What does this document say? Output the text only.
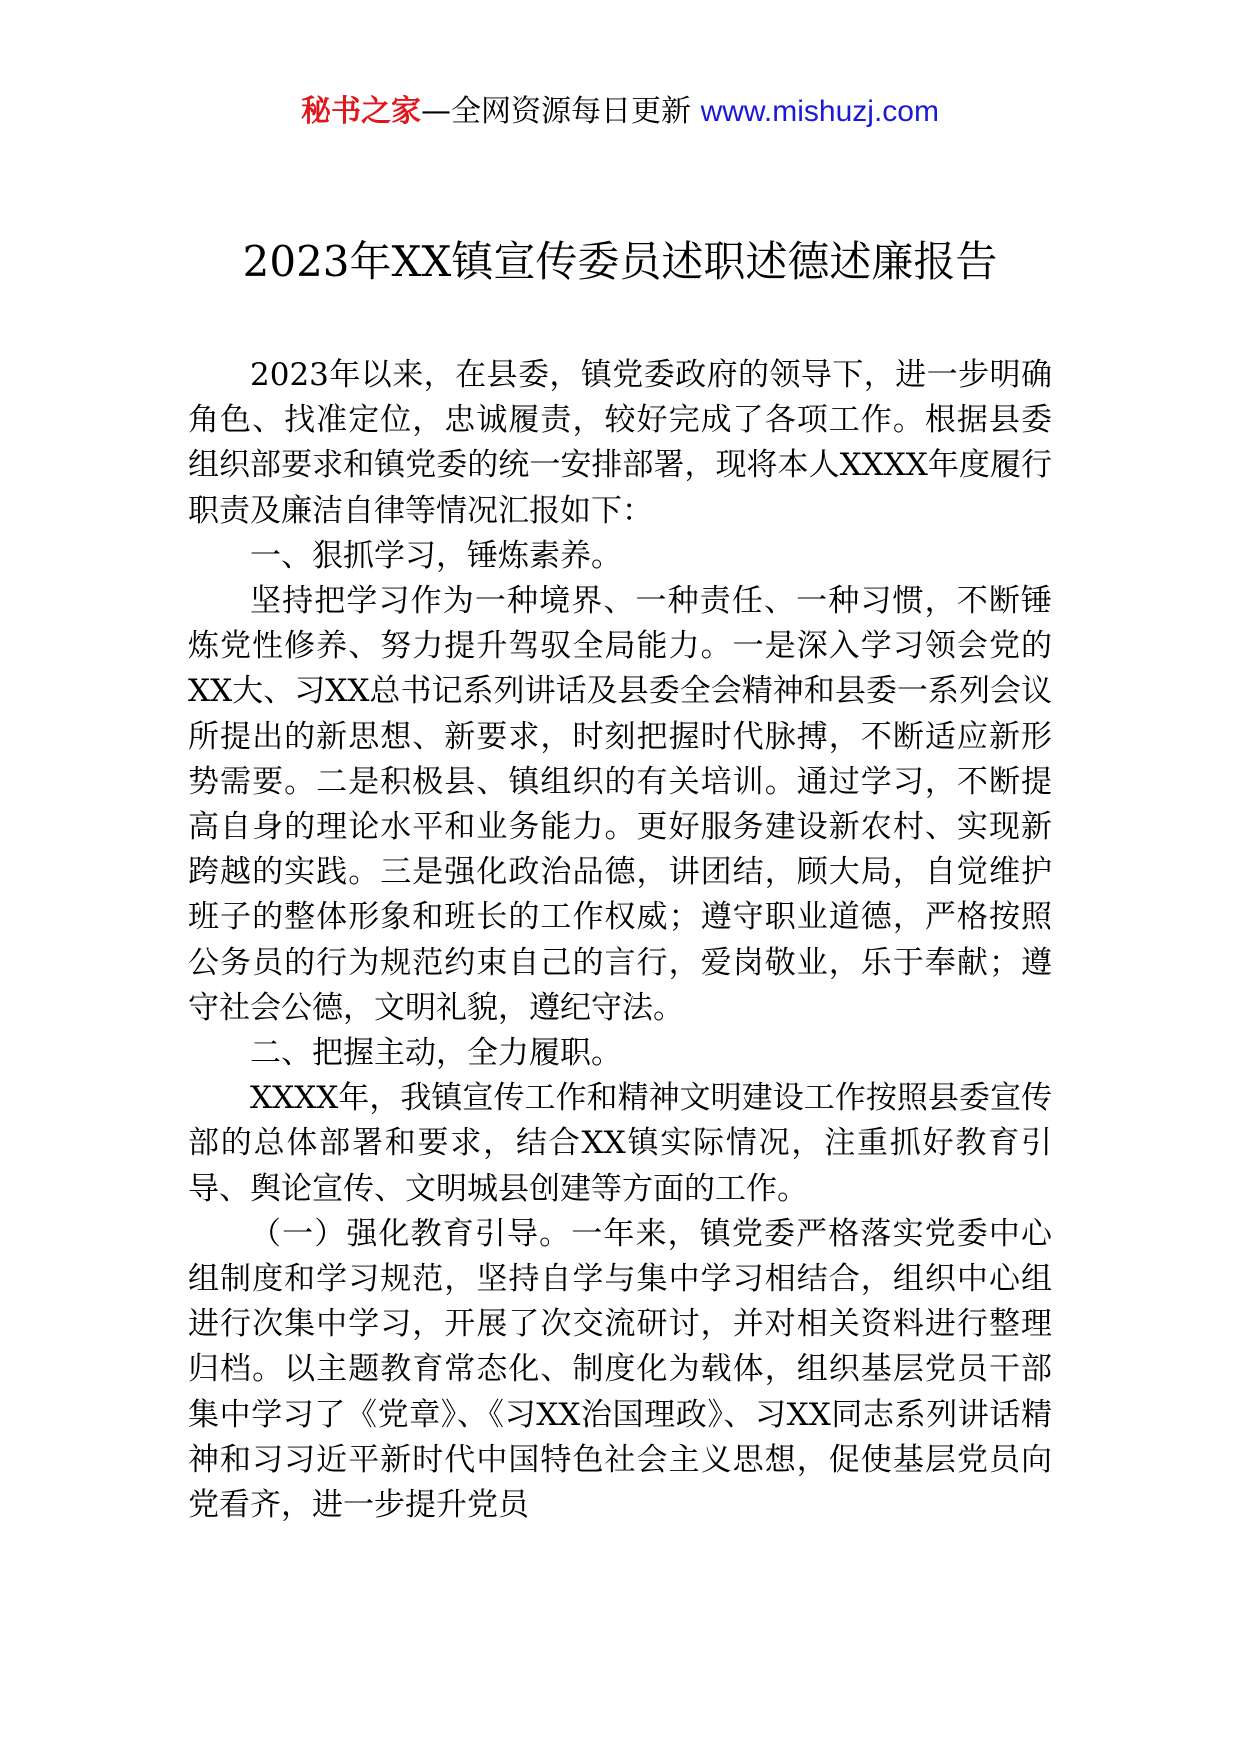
秘书之家—全网资源每日更新 www.mishuzj.com
2023年XX镇宣传委员述职述德述廉报告

2023年以来，在县委，镇党委政府的领导下，进一步明确角色、找准定位，忠诚履责，较好完成了各项工作。根据县委组织部要求和镇党委的统一安排部署，现将本人XXXX年度履行职责及廉洁自律等情况汇报如下：

一、狠抓学习，锤炼素养。

坚持把学习作为一种境界、一种责任、一种习惯，不断锤炼党性修养、努力提升驾驭全局能力。一是深入学习领会党的XX大、习XX总书记系列讲话及县委全会精神和县委一系列会议所提出的新思想、新要求，时刻把握时代脉搏，不断适应新形势需要。二是积极县、镇组织的有关培训。通过学习，不断提高自身的理论水平和业务能力。更好服务建设新农村、实现新跨越的实践。三是强化政治品德，讲团结，顾大局，自觉维护班子的整体形象和班长的工作权威；遵守职业道德，严格按照公务员的行为规范约束自己的言行，爱岗敬业，乐于奉献；遵守社会公德，文明礼貌，遵纪守法。

二、把握主动，全力履职。

XXXX年，我镇宣传工作和精神文明建设工作按照县委宣传部的总体部署和要求，结合XX镇实际情况，注重抓好教育引导、舆论宣传、文明城县创建等方面的工作。

（一）强化教育引导。一年来，镇党委严格落实党委中心组制度和学习规范，坚持自学与集中学习相结合，组织中心组进行次集中学习，开展了次交流研讨，并对相关资料进行整理归档。以主题教育常态化、制度化为载体，组织基层党员干部集中学习了《党章》、《习XX治国理政》、习XX同志系列讲话精神和习习近平新时代中国特色社会主义思想，促使基层党员向党看齐，进一步提升党员
